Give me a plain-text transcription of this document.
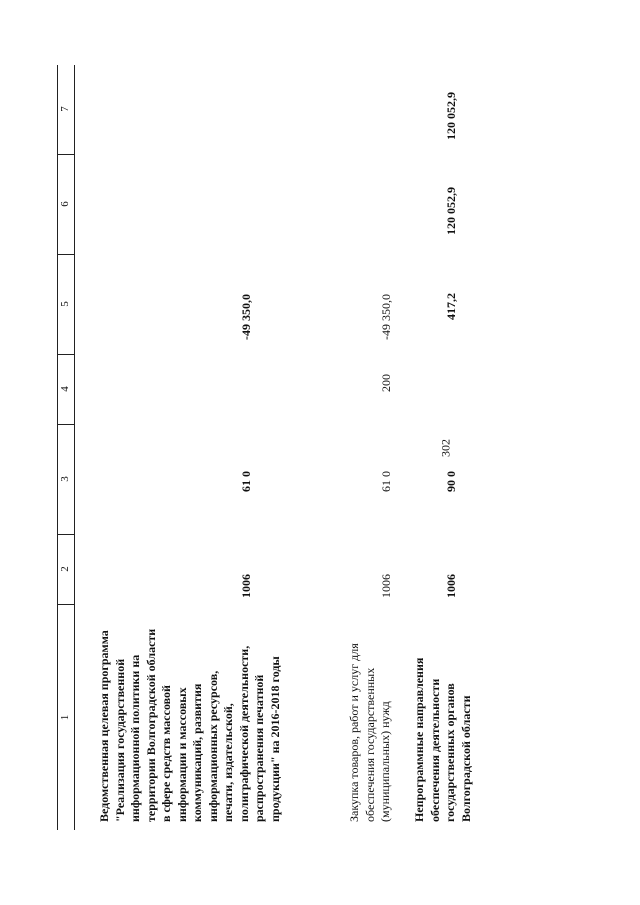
302
1
2
3
4
5
6
7
Ведомственная целевая программа
"Реализация государственной
информационной политики на
территории Волгоградской области
в сфере средств массовой
информации и массовых
коммуникаций, развития
информационных ресурсов,
печати, издательской,
полиграфической деятельности,
распространения печатной
продукции" на 2016-2018 годы
1006
61 0
-49 350,0
Закупка товаров, работ и услуг для
обеспечения государственных
(муниципальных) нужд
1006
61 0
200
-49 350,0
Непрограммные направления
обеспечения деятельности
государственных органов
Волгоградской области
1006
90 0
417,2
120 052,9
120 052,9
